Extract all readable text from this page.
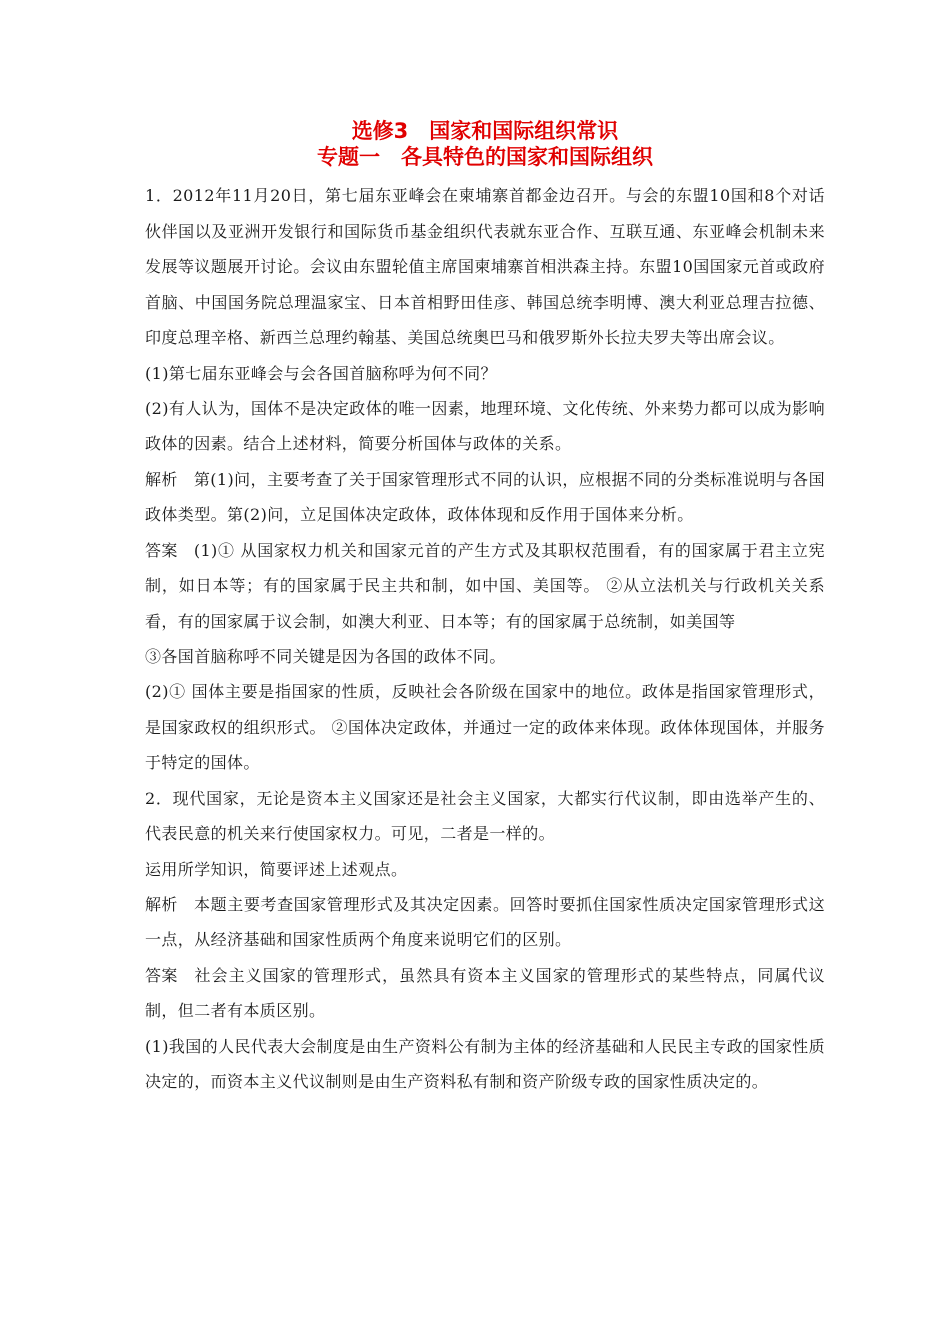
选修3　国家和国际组织常识
专题一　各具特色的国家和国际组织

1．2012年11月20日，第七届东亚峰会在柬埔寨首都金边召开。与会的东盟10国和8个对话伙伴国以及亚洲开发银行和国际货币基金组织代表就东亚合作、互联互通、东亚峰会机制未来发展等议题展开讨论。会议由东盟轮值主席国柬埔寨首相洪森主持。东盟10国国家元首或政府首脑、中国国务院总理温家宝、日本首相野田佳彦、韩国总统李明博、澳大利亚总理吉拉德、印度总理辛格、新西兰总理约翰基、美国总统奥巴马和俄罗斯外长拉夫罗夫等出席会议。

(1)第七届东亚峰会与会各国首脑称呼为何不同？

(2)有人认为，国体不是决定政体的唯一因素，地理环境、文化传统、外来势力都可以成为影响政体的因素。结合上述材料，简要分析国体与政体的关系。

解析 第(1)问，主要考查了关于国家管理形式不同的认识，应根据不同的分类标准说明与各国政体类型。第(2)问，立足国体决定政体，政体体现和反作用于国体来分析。

答案 (1)① 从国家权力机关和国家元首的产生方式及其职权范围看，有的国家属于君主立宪制，如日本等；有的国家属于民主共和制，如中国、美国等。 ②从立法机关与行政机关关系看，有的国家属于议会制，如澳大利亚、日本等；有的国家属于总统制，如美国等

③各国首脑称呼不同关键是因为各国的政体不同。

(2)① 国体主要是指国家的性质，反映社会各阶级在国家中的地位。政体是指国家管理形式，是国家政权的组织形式。 ②国体决定政体，并通过一定的政体来体现。政体体现国体，并服务于特定的国体。

2．现代国家，无论是资本主义国家还是社会主义国家，大都实行代议制，即由选举产生的、代表民意的机关来行使国家权力。可见，二者是一样的。

运用所学知识，简要评述上述观点。

解析 本题主要考查国家管理形式及其决定因素。回答时要抓住国家性质决定国家管理形式这一点，从经济基础和国家性质两个角度来说明它们的区别。

答案 社会主义国家的管理形式，虽然具有资本主义国家的管理形式的某些特点，同属代议制，但二者有本质区别。

(1)我国的人民代表大会制度是由生产资料公有制为主体的经济基础和人民民主专政的国家性质决定的，而资本主义代议制则是由生产资料私有制和资产阶级专政的国家性质决定的。
